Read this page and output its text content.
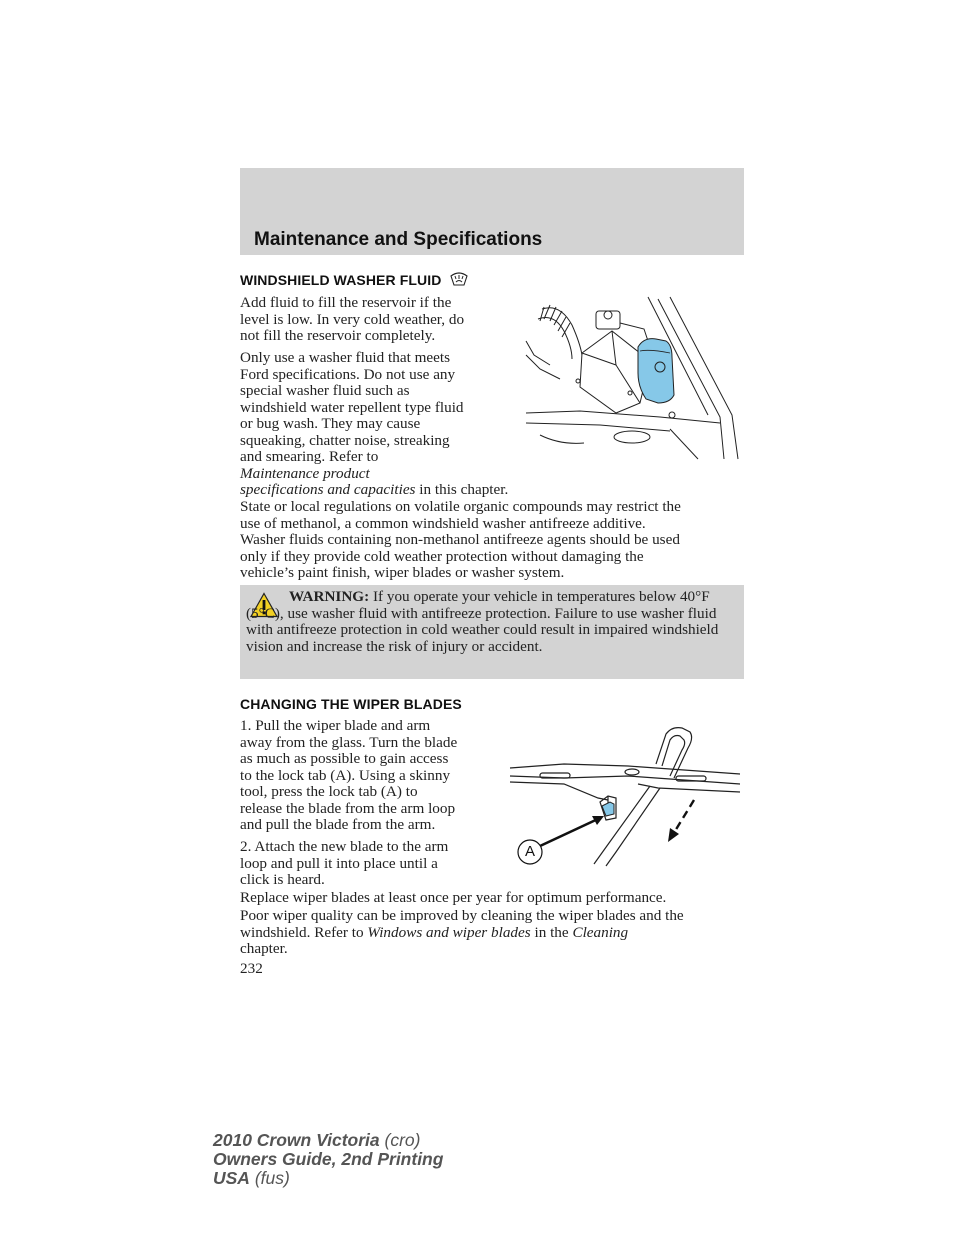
Maintenance and Specifications
WINDSHIELD WASHER FLUID
Add fluid to fill the reservoir if the
level is low. In very cold weather, do
not fill the reservoir completely.
Only use a washer fluid that meets
Ford specifications. Do not use any
special washer fluid such as
windshield water repellent type fluid
or bug wash. They may cause
squeaking, chatter noise, streaking
and smearing. Refer to
Maintenance product
specifications and capacities in this chapter.
State or local regulations on volatile organic compounds may restrict the
use of methanol, a common windshield washer antifreeze additive.
Washer fluids containing non-methanol antifreeze agents should be used
only if they provide cold weather protection without damaging the
vehicle’s paint finish, wiper blades or washer system.
WARNING: If you operate your vehicle in temperatures below 40°F (5°C), use washer fluid with antifreeze protection. Failure to use washer fluid with antifreeze protection in cold weather could result in impaired windshield vision and increase the risk of injury or accident.
CHANGING THE WIPER BLADES
A
1. Pull the wiper blade and arm
away from the glass. Turn the blade
as much as possible to gain access
to the lock tab (A). Using a skinny
tool, press the lock tab (A) to
release the blade from the arm loop
and pull the blade from the arm.
2. Attach the new blade to the arm
loop and pull it into place until a
click is heard.
Replace wiper blades at least once per year for optimum performance.
Poor wiper quality can be improved by cleaning the wiper blades and the
windshield. Refer to Windows and wiper blades in the Cleaning
chapter.
232
2010 Crown Victoria (cro)
Owners Guide, 2nd Printing
USA (fus)
